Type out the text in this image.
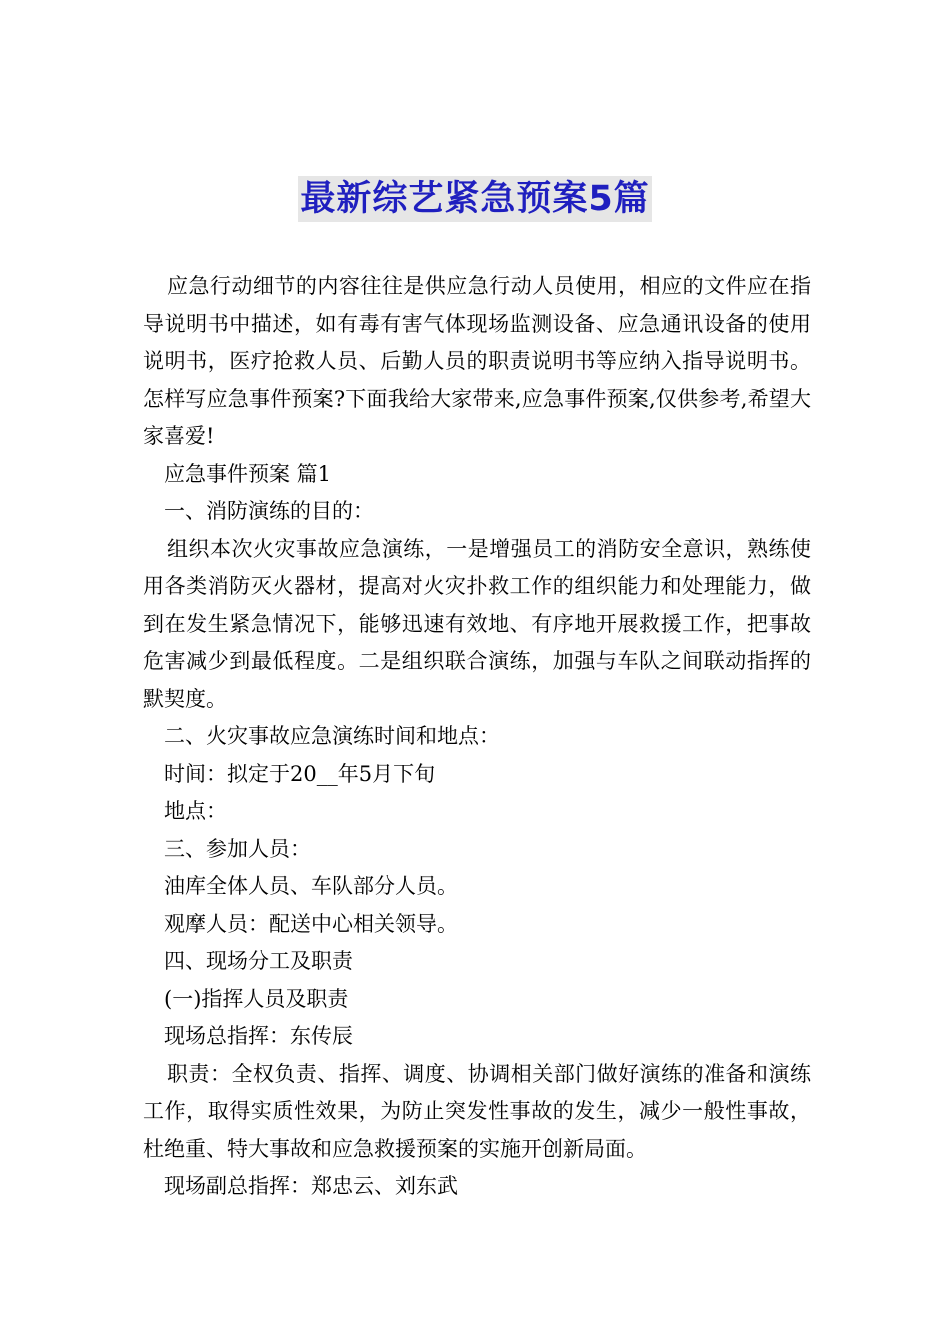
最新综艺紧急预案5篇

应急行动细节的内容往往是供应急行动人员使用，相应的文件应在指导说明书中描述，如有毒有害气体现场监测设备、应急通讯设备的使用说明书，医疗抢救人员、后勤人员的职责说明书等应纳入指导说明书。怎样写应急事件预案?下面我给大家带来,应急事件预案,仅供参考,希望大家喜爱!

应急事件预案 篇1

一、消防演练的目的：

组织本次火灾事故应急演练，一是增强员工的消防安全意识，熟练使用各类消防灭火器材，提高对火灾扑救工作的组织能力和处理能力，做到在发生紧急情况下，能够迅速有效地、有序地开展救援工作，把事故危害减少到最低程度。二是组织联合演练，加强与车队之间联动指挥的默契度。

二、火灾事故应急演练时间和地点：

时间：拟定于20__年5月下旬

地点：

三、参加人员：

油库全体人员、车队部分人员。

观摩人员：配送中心相关领导。

四、现场分工及职责

(一)指挥人员及职责

现场总指挥：东传辰

职责：全权负责、指挥、调度、协调相关部门做好演练的准备和演练工作，取得实质性效果，为防止突发性事故的发生，减少一般性事故，杜绝重、特大事故和应急救援预案的实施开创新局面。

现场副总指挥：郑忠云、刘东武
